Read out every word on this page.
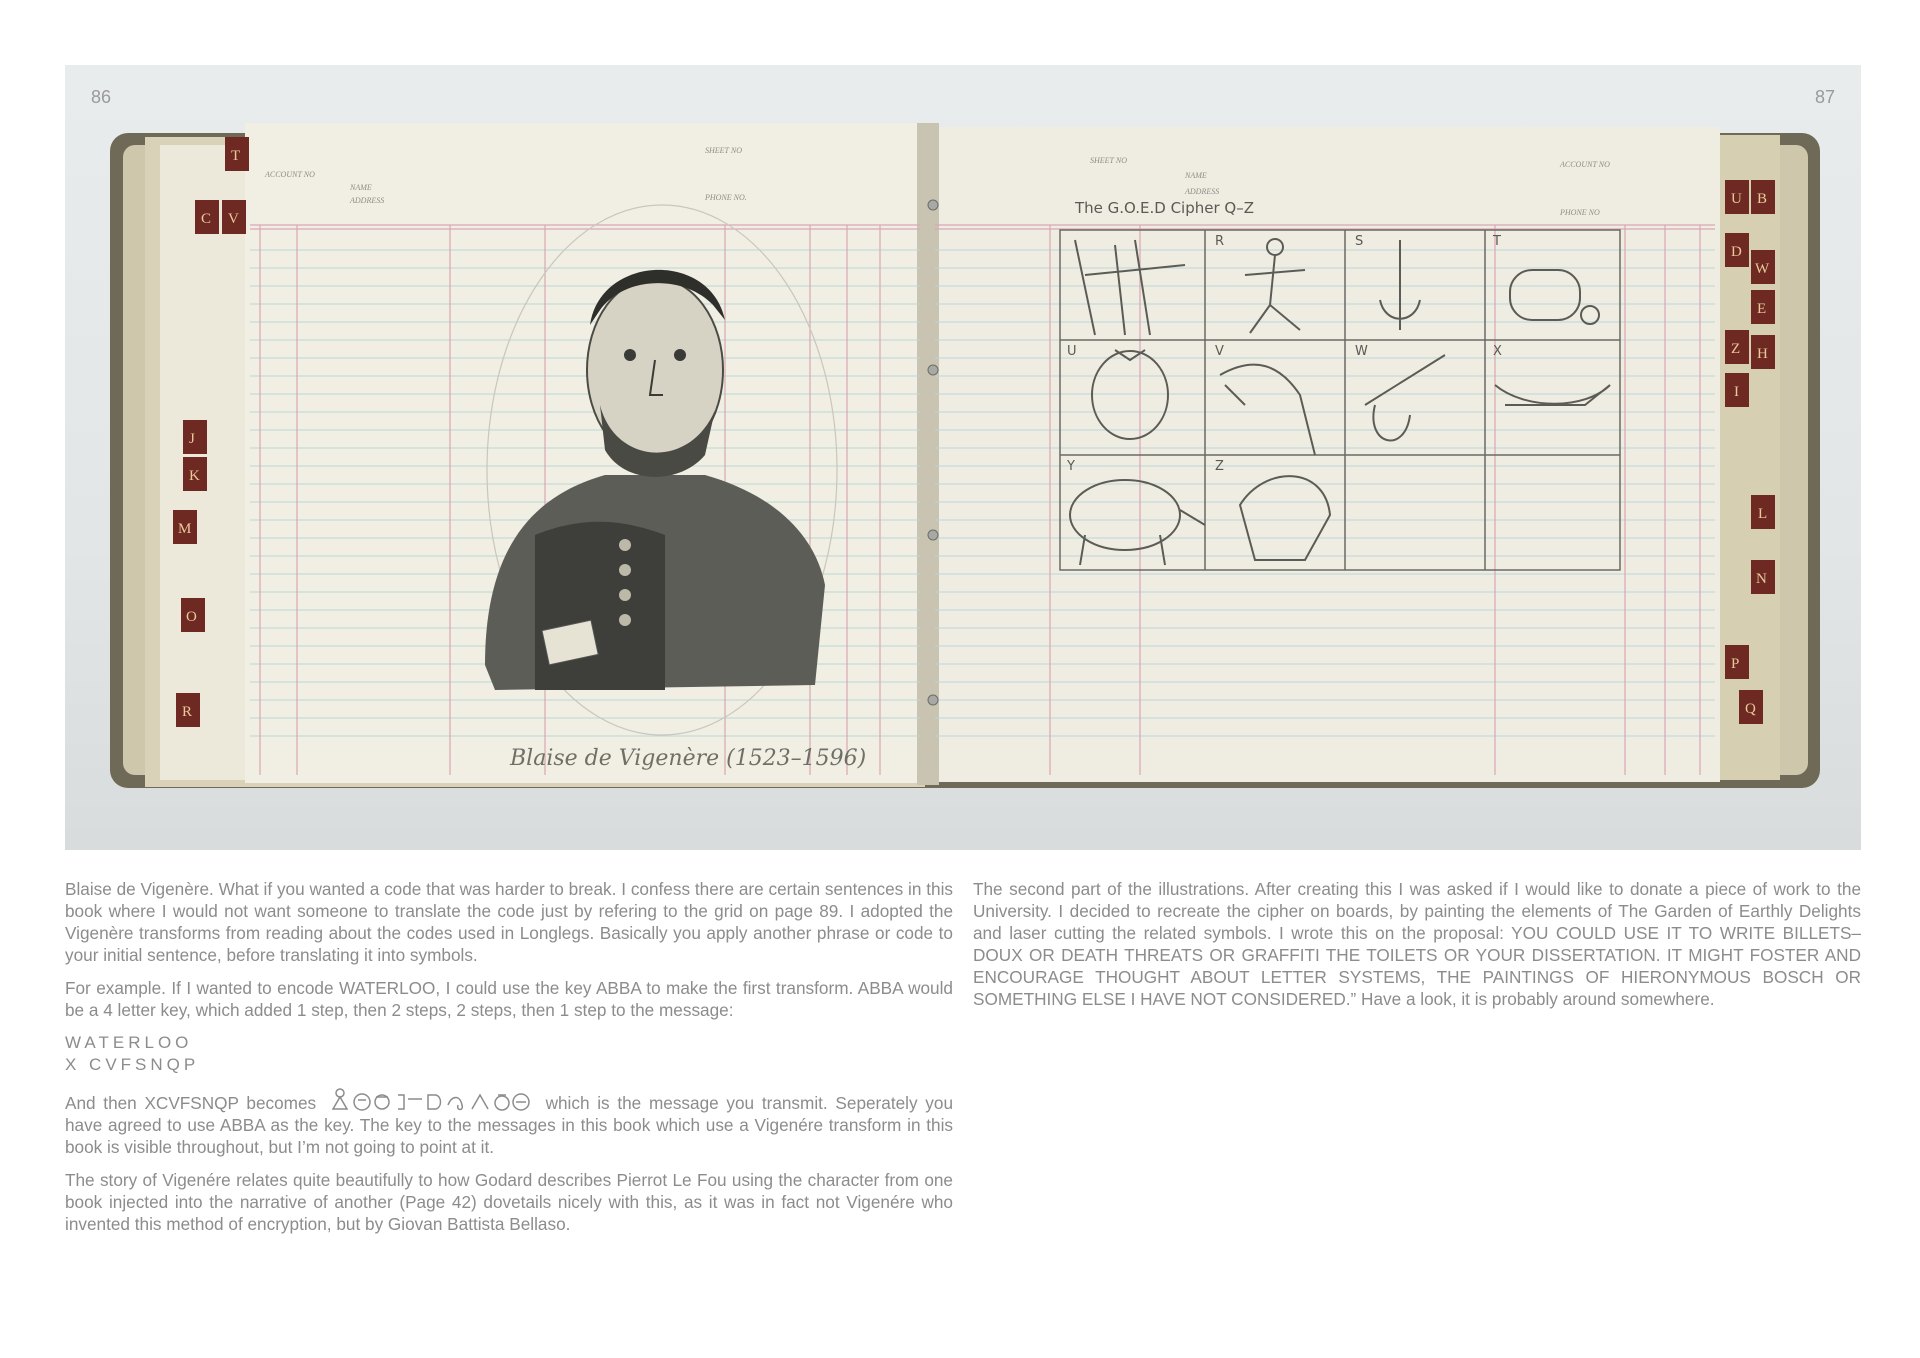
ACCOUNT NO
NAME
ADDRESS
SHEET NO
PHONE NO.
SHEET NO
NAME
ADDRESS
ACCOUNT NO
PHONE NO
Blaise de Vigenère (1523–1596)
The G.O.E.D Cipher Q–Z
R	S	T
U	V	W	X
Y	Z
T
C V
J
K
M
O
R
U B
D
W
E
Z H
I
L
N
P
Q
86	87

Blaise de Vigenère. What if you wanted a code that was harder to break. I confess there are certain sentences in this book where I would not want someone to translate the code just by refering to the grid on page 89. I adopted the Vigenère transforms from reading about the codes used in Longlegs. Basically you apply another phrase or code to your initial sentence, before translating it into symbols.

For example. If I wanted to encode WATERLOO, I could use the key ABBA to make the first transform. ABBA would be a 4 letter key, which added 1 step, then 2 steps, 2 steps, then 1 step to the message:

WATERLOO
X CVFSNQP

And then XCVFSNQP becomes	which is the message you transmit. Seperately you have agreed to use ABBA as the key. The key to the messages in this book which use a Vigenére transform in this book is visible throughout, but I’m not going to point at it.

The story of Vigenére relates quite beautifully to how Godard describes Pierrot Le Fou using the character from one book injected into the narrative of another (Page 42) dovetails nicely with this, as it was in fact not Vigenére who invented this method of encryption, but by Giovan Battista Bellaso.

The second part of the illustrations. After creating this I was asked if I would like to donate a piece of work to the University. I decided to recreate the cipher on boards, by painting the elements of The Garden of Earthly Delights and laser cutting the related symbols. I wrote this on the proposal: YOU COULD USE IT TO WRITE BILLETS–DOUX OR DEATH THREATS OR GRAFFITI THE TOILETS OR YOUR DISSERTATION. IT MIGHT FOSTER AND ENCOURAGE THOUGHT ABOUT LETTER SYSTEMS, THE PAINTINGS OF HIERONYMOUS BOSCH OR SOMETHING ELSE I HAVE NOT CONSIDERED.” Have a look, it is probably around somewhere.
